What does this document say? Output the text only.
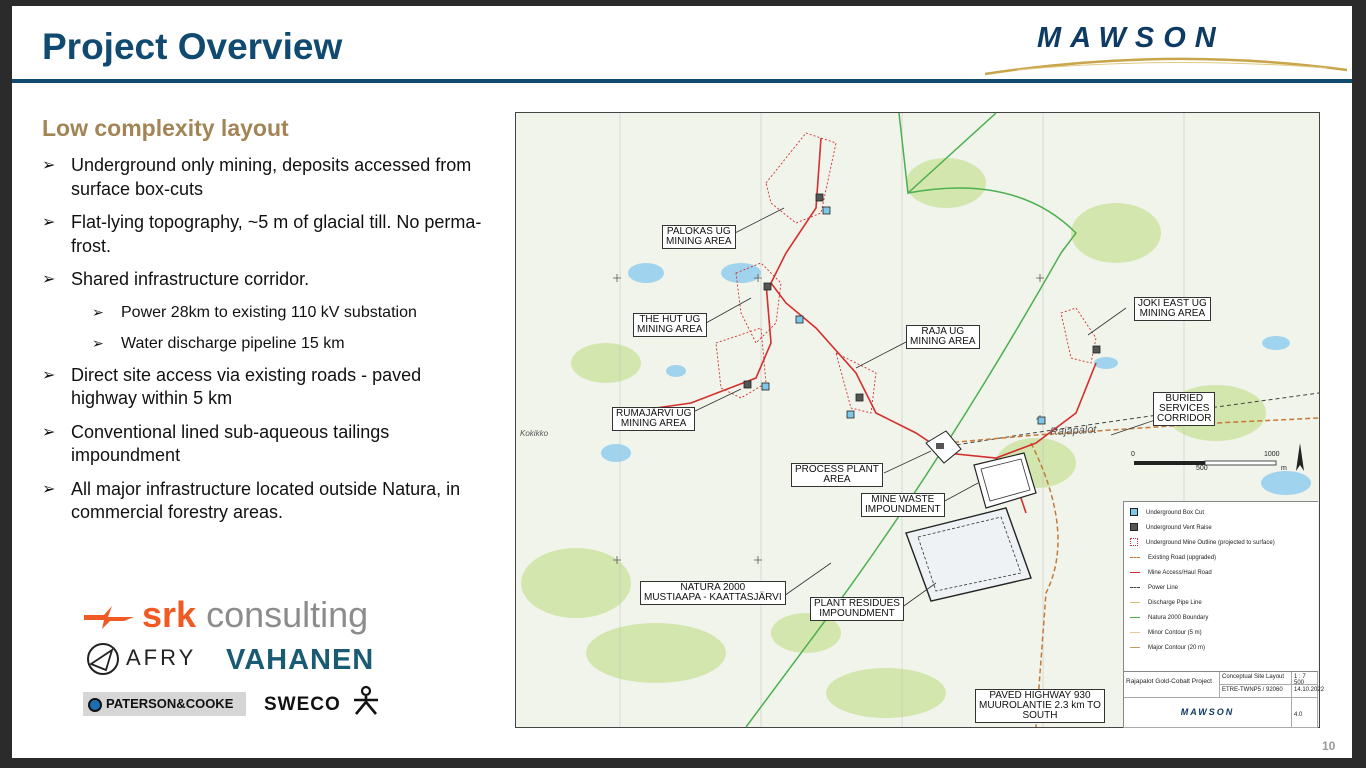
Project Overview	MAWSON
Low complexity layout
➢ Underground only mining, deposits accessed from surface box-cuts
➢ Flat-lying topography, ~5 m of glacial till. No perma-frost.
➢ Shared infrastructure corridor.
➢ Power 28km to existing 110 kV substation
➢ Water discharge pipeline 15 km
➢ Direct site access via existing roads - paved highway within 5 km
➢ Conventional lined sub-aqueous tailings impoundment
➢ All major infrastructure located outside Natura, in commercial forestry areas.
srk consulting
AFRY VAHANEN
PATERSON&COOKE	SWECO
PALOKAS UG
MINING AREA
THE HUT UG
MINING AREA	RAJA UG
MINING AREA
RUMAJÄRVI UG
MINING AREA
JOKI EAST UG
MINING AREA
BURIED
SERVICES
CORRIDOR
PROCESS PLANT
AREA
MINE WASTE
IMPOUNDMENT
NATURA 2000
MUSTIAAPA - KAATTASJÄRVI
PLANT RESIDUES
IMPOUNDMENT
PAVED HIGHWAY 930
MUUROLANTIE 2.3 km TO
SOUTH
Rajapalot
Kokikko
0
500
1000
m
Underground Box Cut
Underground Vent Raise
Underground Mine Outline (projected to surface)
Existing Road (upgraded)
Mine Access/Haul Road
Power Line
Discharge Pipe Line
Natura 2000 Boundary
Minor Contour (5 m)
Major Contour (20 m)
Rajapalot Gold-Cobalt Project
Conceptual Site Layout	1 : 7 500
ETRE-TWNP5 / 92060	14.10.2022
MAWSON	4.0
10
